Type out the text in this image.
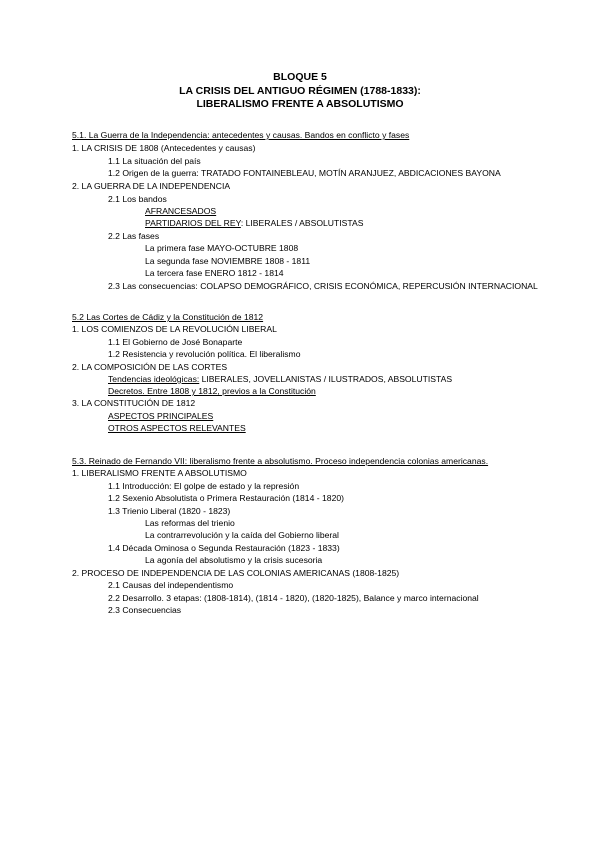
BLOQUE 5
LA CRISIS DEL ANTIGUO RÉGIMEN (1788-1833):
LIBERALISMO FRENTE A ABSOLUTISMO
5.1. La Guerra de la Independencia: antecedentes y causas. Bandos en conflicto y fases
1. LA CRISIS DE 1808 (Antecedentes y causas)
1.1 La situación del país
1.2 Origen de la guerra: TRATADO FONTAINEBLEAU, MOTÍN ARANJUEZ, ABDICACIONES BAYONA
2. LA GUERRA DE LA INDEPENDENCIA
2.1 Los bandos
AFRANCESADOS
PARTIDARIOS DEL REY: LIBERALES / ABSOLUTISTAS
2.2 Las fases
La primera fase MAYO-OCTUBRE 1808
La segunda fase NOVIEMBRE 1808 - 1811
La tercera fase ENERO 1812 - 1814
2.3 Las consecuencias: COLAPSO DEMOGRÁFICO, CRISIS ECONÓMICA, REPERCUSIÓN INTERNACIONAL
5.2 Las Cortes de Cádiz y la Constitución de 1812
1. LOS COMIENZOS DE LA REVOLUCIÓN LIBERAL
1.1 El Gobierno de José Bonaparte
1.2 Resistencia y revolución política. El liberalismo
2. LA COMPOSICIÓN DE LAS CORTES
Tendencias ideológicas: LIBERALES, JOVELLANISTAS / ILUSTRADOS, ABSOLUTISTAS
Decretos. Entre 1808 y 1812, previos a la Constitución
3. LA CONSTITUCIÓN DE 1812
ASPECTOS PRINCIPALES
OTROS ASPECTOS RELEVANTES
5.3. Reinado de Fernando VII: liberalismo frente a absolutismo. Proceso independencia colonias americanas.
1. LIBERALISMO FRENTE A ABSOLUTISMO
1.1 Introducción: El golpe de estado y la represión
1.2 Sexenio Absolutista o Primera Restauración (1814 - 1820)
1.3 Trienio Liberal (1820 - 1823)
Las reformas del trienio
La contrarrevolución y la caída del Gobierno liberal
1.4 Década Ominosa o Segunda Restauración (1823 - 1833)
La agonía del absolutismo y la crisis sucesoria
2. PROCESO DE INDEPENDENCIA DE LAS COLONIAS AMERICANAS (1808-1825)
2.1 Causas del independentismo
2.2 Desarrollo. 3 etapas: (1808-1814), (1814 - 1820), (1820-1825), Balance y marco internacional
2.3 Consecuencias
